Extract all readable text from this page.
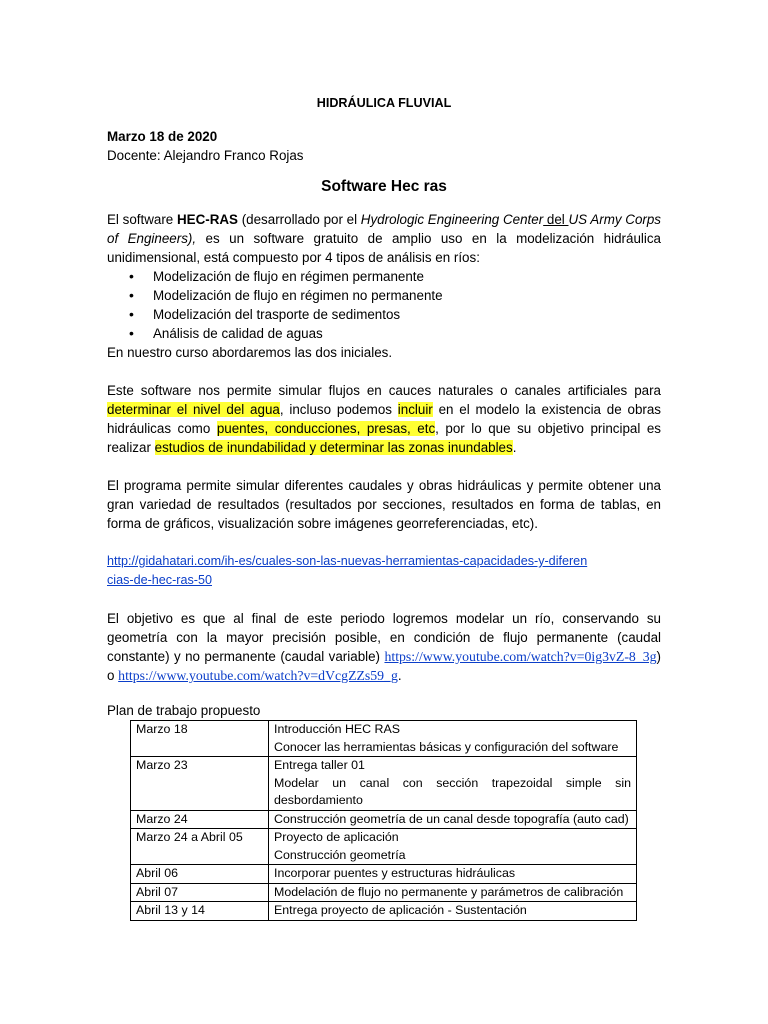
HIDRÁULICA FLUVIAL

Marzo 18 de 2020

Docente: Alejandro Franco Rojas

Software Hec ras

El software HEC-RAS (desarrollado por el Hydrologic Engineering Center del US Army Corps of Engineers), es un software gratuito de amplio uso en la modelización hidráulica unidimensional, está compuesto por 4 tipos de análisis en ríos:

• Modelización de flujo en régimen permanente
• Modelización de flujo en régimen no permanente
• Modelización del trasporte de sedimentos
• Análisis de calidad de aguas

En nuestro curso abordaremos las dos iniciales.

Este software nos permite simular flujos en cauces naturales o canales artificiales para determinar el nivel del agua, incluso podemos incluir en el modelo la existencia de obras hidráulicas como puentes, conducciones, presas, etc, por lo que su objetivo principal es realizar estudios de inundabilidad y determinar las zonas inundables.

El programa permite simular diferentes caudales y obras hidráulicas y permite obtener una gran variedad de resultados (resultados por secciones, resultados en forma de tablas, en forma de gráficos, visualización sobre imágenes georreferenciadas, etc).

http://gidahatari.com/ih-es/cuales-son-las-nuevas-herramientas-capacidades-y-diferencias-de-hec-ras-50

El objetivo es que al final de este periodo logremos modelar un río, conservando su geometría con la mayor precisión posible, en condición de flujo permanente (caudal constante) y no permanente (caudal variable) https://www.youtube.com/watch?v=0ig3vZ-8_3g) o https://www.youtube.com/watch?v=dVcgZZs59_g.

Plan de trabajo propuesto

Marzo 18	Introducción HEC RAS
Conocer las herramientas básicas y configuración del software

Marzo 23	Entrega taller 01
Modelar un canal con sección trapezoidal simple sin desbordamiento

Marzo 24	Construcción geometría de un canal desde topografía (auto cad)

Marzo 24 a Abril 05	Proyecto de aplicación
Construcción geometría

Abril 06	Incorporar puentes y estructuras hidráulicas

Abril 07	Modelación de flujo no permanente y parámetros de calibración

Abril 13 y 14	Entrega proyecto de aplicación - Sustentación
